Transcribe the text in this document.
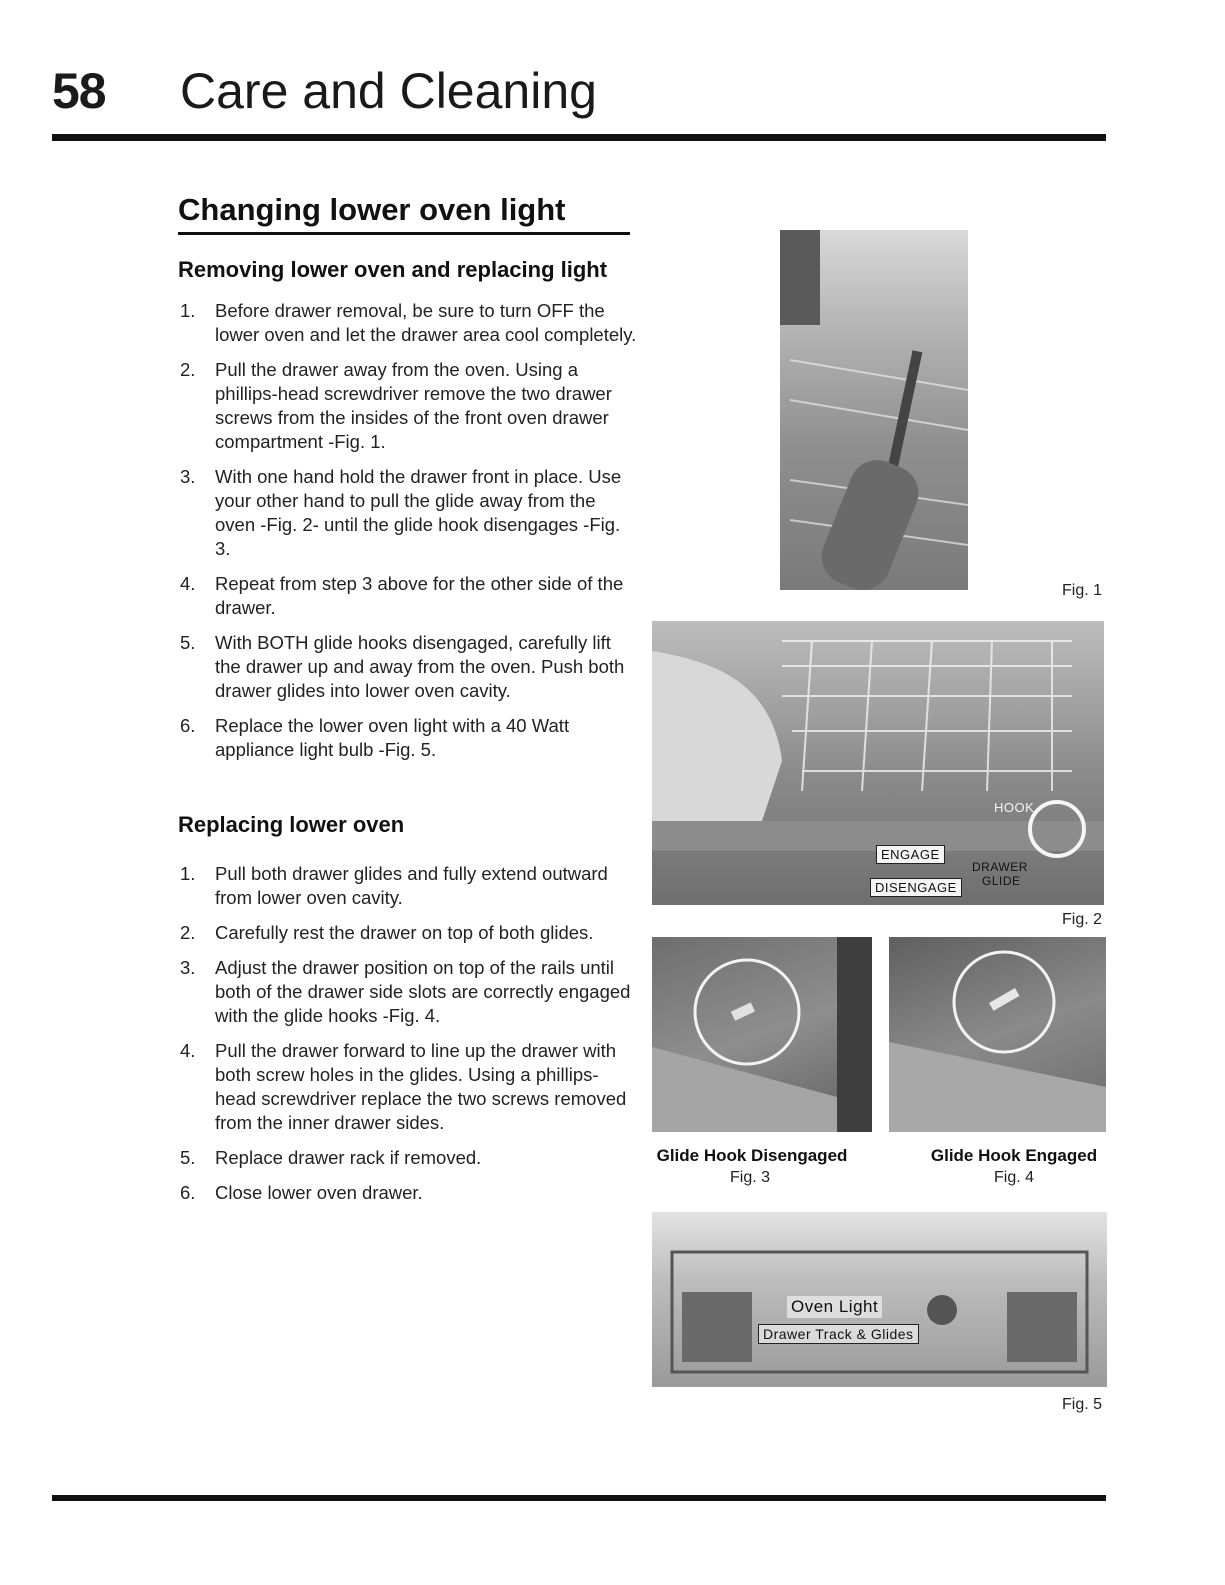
58 Care and Cleaning
Changing lower oven light
Removing lower oven and replacing light
1. Before drawer removal, be sure to turn OFF the lower oven and let the drawer area cool completely.
2. Pull the drawer away from the oven. Using a phillips-head screwdriver remove the two drawer screws from the insides of the front oven drawer compartment -Fig. 1.
3. With one hand hold the drawer front in place. Use your other hand to pull the glide away from the oven -Fig. 2- until the glide hook disengages -Fig. 3.
4. Repeat from step 3 above for the other side of the drawer.
5. With BOTH glide hooks disengaged, carefully lift the drawer up and away from the oven. Push both drawer glides into lower oven cavity.
6. Replace the lower oven light with a 40 Watt appliance light bulb -Fig. 5.
Replacing lower oven
1. Pull both drawer glides and fully extend outward from lower oven cavity.
2. Carefully rest the drawer on top of both glides.
3. Adjust the drawer position on top of the rails until both of the drawer side slots are correctly engaged with the glide hooks -Fig. 4.
4. Pull the drawer forward to line up the drawer with both screw holes in the glides. Using a phillips-head screwdriver replace the two screws removed from the inner drawer sides.
5. Replace drawer rack if removed.
6. Close lower oven drawer.
Fig. 1
HOOK
ENGAGE
DISENGAGE
DRAWER
GLIDE
Fig. 2
Glide Hook Disengaged
Fig. 3
Glide Hook Engaged
Fig. 4
Oven Light
Drawer Track & Glides
Fig. 5
